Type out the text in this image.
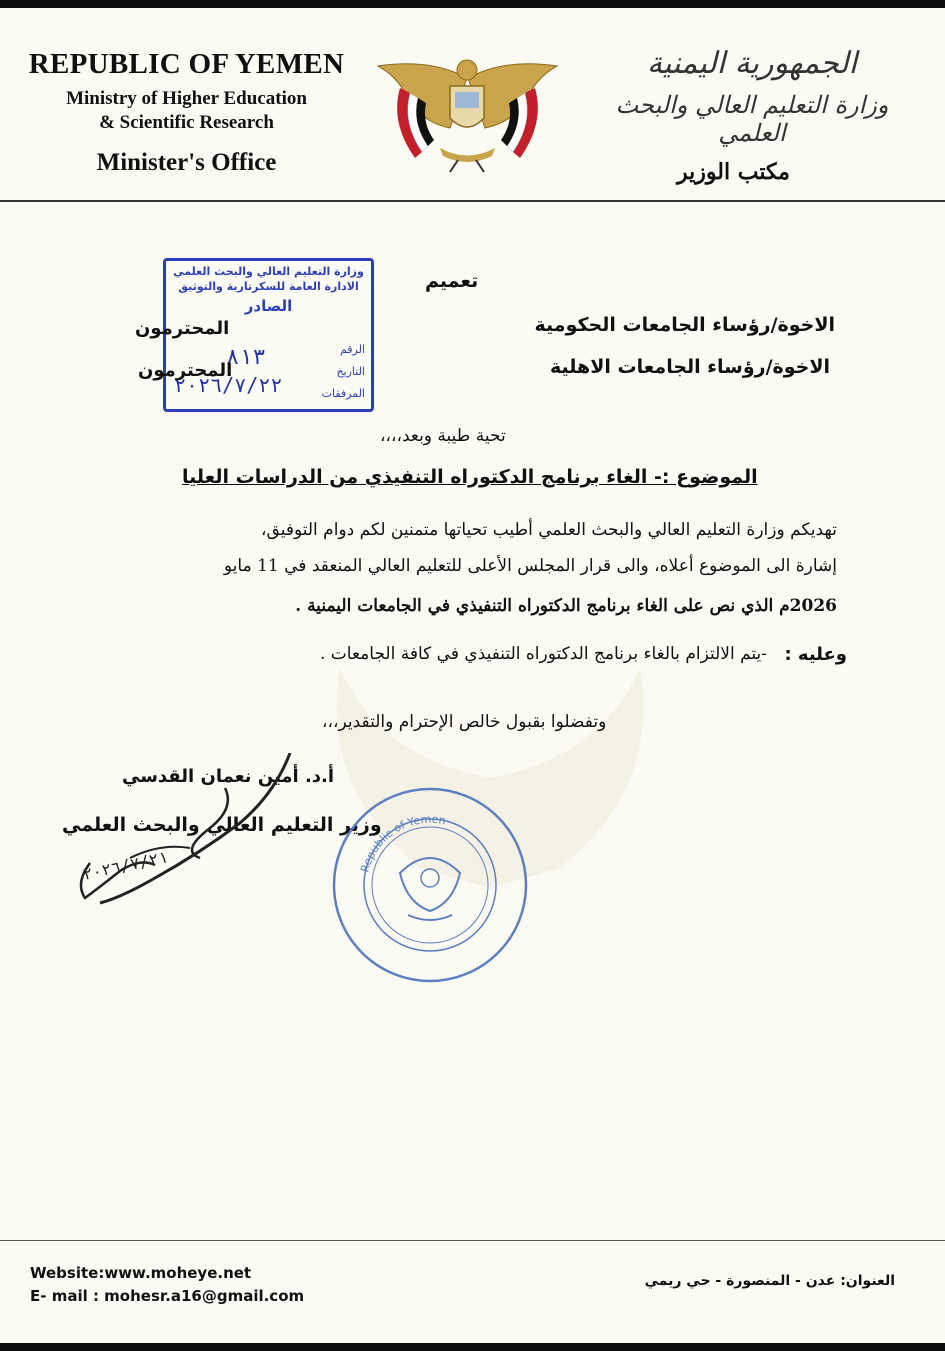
REPUBLIC OF YEMEN
Ministry of Higher Education
& Scientific Research
Minister's Office
الجمهورية اليمنية
وزارة التعليم العالي والبحث العلمي
مكتب الوزير
وزارة التعليم العالي والبحث العلمي
الادارة العامة للسكرتارية والتوثيق
الصادر
الرقم
التاريخ
المرفقات
٨١٣
٢٠٢٦/٧/٢٢
تعميم
الاخوة/رؤساء الجامعات الحكومية
الاخوة/رؤساء الجامعات الاهلية
المحترمون
المحترمون
تحية طيبة وبعد،،،،
الموضوع :- الغاء برنامج الدكتوراه التنفيذي من الدراسات العليا
تهديكم وزارة التعليم العالي والبحث العلمي أطيب تحياتها متمنين لكم دوام التوفيق،
إشارة الى الموضوع أعلاه، والى قرار المجلس الأعلى للتعليم العالي المنعقد في 11 مايو
2026م الذي نص على الغاء برنامج الدكتوراه التنفيذي في الجامعات اليمنية .
وعليه :
-يتم الالتزام بالغاء برنامج الدكتوراه التنفيذي في كافة الجامعات .
وتفضلوا بقبول خالص الإحترام والتقدير،،،
أ.د. أمين نعمان القدسي
وزير التعليم العالي والبحث العلمي
Republic of Yemen
٢٠٢٦/٧/٢١
Website:www.moheye.net
E- mail : mohesr.a16@gmail.com
العنوان: عدن - المنصورة - حي ريمي
